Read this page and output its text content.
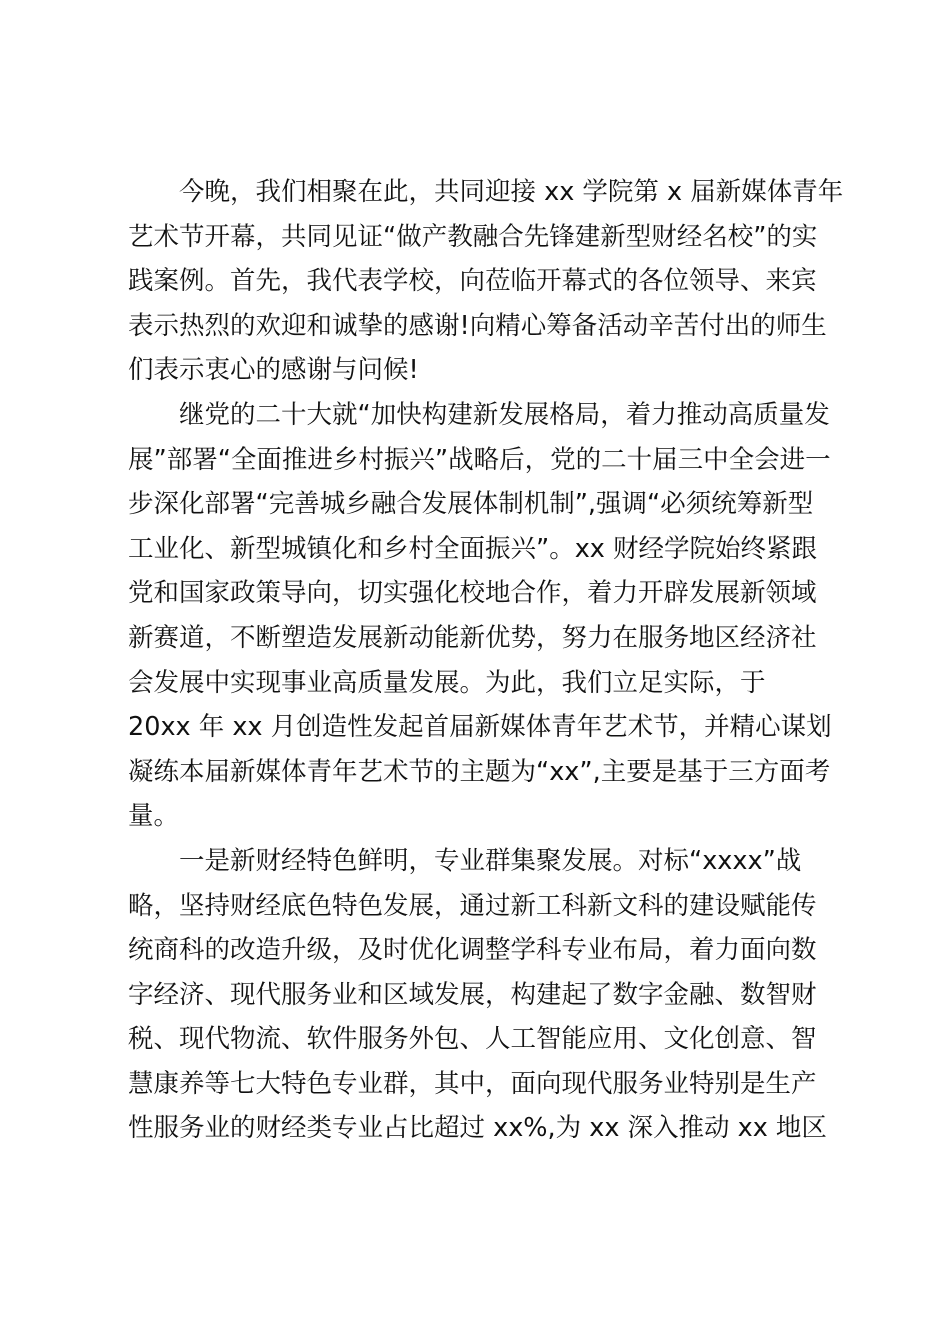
今晚，我们相聚在此，共同迎接 xx 学院第 x 届新媒体青年
艺术节开幕，共同见证“做产教融合先锋建新型财经名校”的实
践案例。首先，我代表学校，向莅临开幕式的各位领导、来宾
表示热烈的欢迎和诚挚的感谢!向精心筹备活动辛苦付出的师生
们表示衷心的感谢与问候!
继党的二十大就“加快构建新发展格局，着力推动高质量发
展”部署“全面推进乡村振兴”战略后，党的二十届三中全会进一
步深化部署“完善城乡融合发展体制机制”,强调“必须统筹新型
工业化、新型城镇化和乡村全面振兴”。xx 财经学院始终紧跟
党和国家政策导向，切实强化校地合作，着力开辟发展新领域
新赛道，不断塑造发展新动能新优势，努力在服务地区经济社
会发展中实现事业高质量发展。为此，我们立足实际，于
20xx 年 xx 月创造性发起首届新媒体青年艺术节，并精心谋划
凝练本届新媒体青年艺术节的主题为“xx”,主要是基于三方面考
量。
一是新财经特色鲜明，专业群集聚发展。对标“xxxx”战
略，坚持财经底色特色发展，通过新工科新文科的建设赋能传
统商科的改造升级，及时优化调整学科专业布局，着力面向数
字经济、现代服务业和区域发展，构建起了数字金融、数智财
税、现代物流、软件服务外包、人工智能应用、文化创意、智
慧康养等七大特色专业群，其中，面向现代服务业特别是生产
性服务业的财经类专业占比超过 xx%,为 xx 深入推动 xx 地区
